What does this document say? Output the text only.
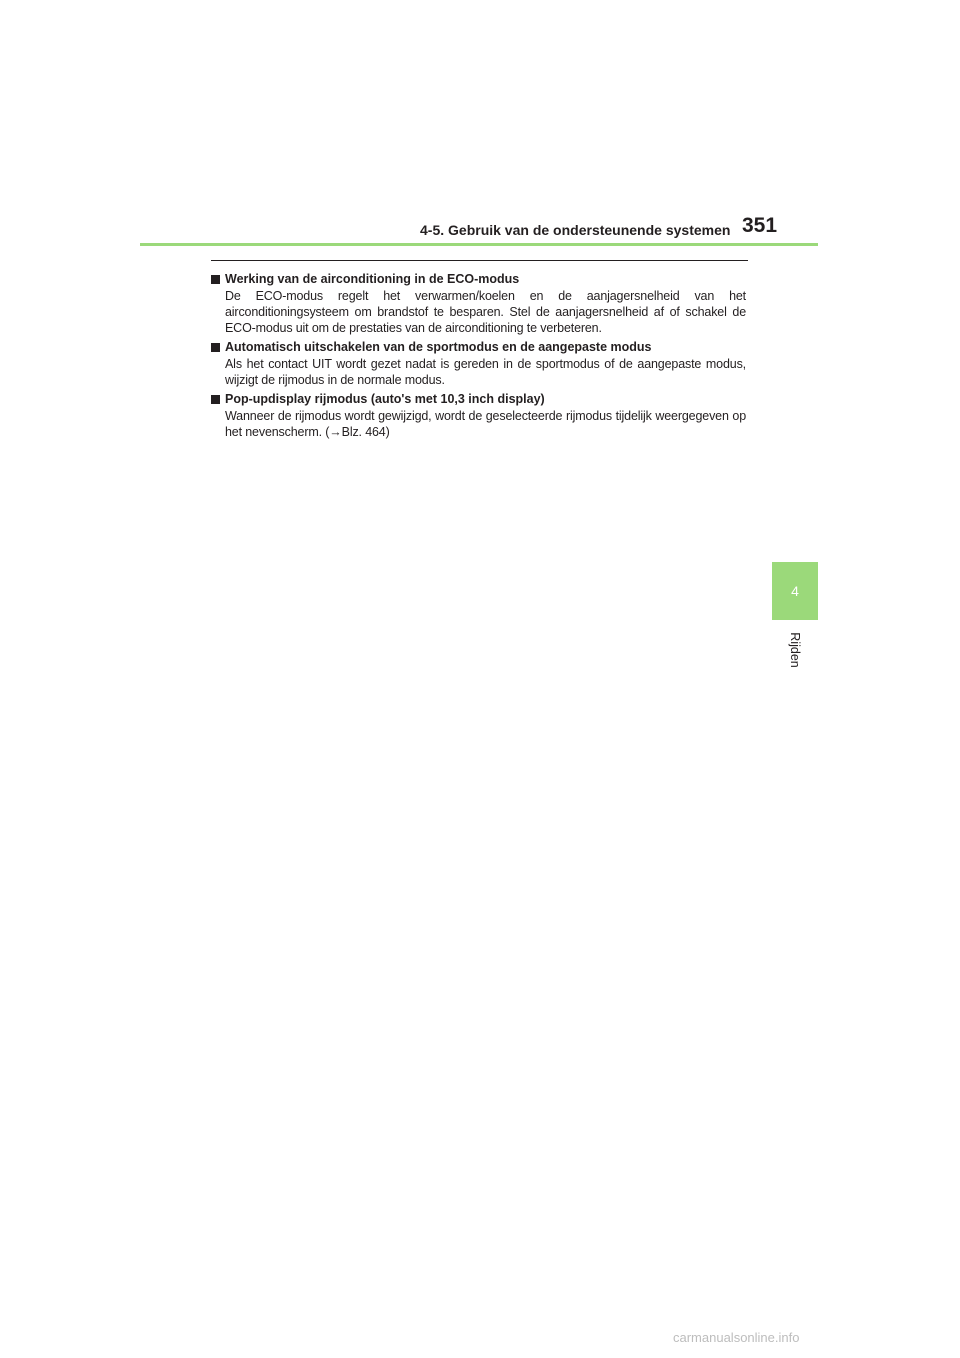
4-5. Gebruik van de ondersteunende systemen 351
Werking van de airconditioning in de ECO-modus
De ECO-modus regelt het verwarmen/koelen en de aanjagersnelheid van het airconditioningsysteem om brandstof te besparen. Stel de aanjagersnelheid af of schakel de ECO-modus uit om de prestaties van de airconditioning te verbeteren.
Automatisch uitschakelen van de sportmodus en de aangepaste modus
Als het contact UIT wordt gezet nadat is gereden in de sportmodus of de aangepaste modus, wijzigt de rijmodus in de normale modus.
Pop-updisplay rijmodus (auto's met 10,3 inch display)
Wanneer de rijmodus wordt gewijzigd, wordt de geselecteerde rijmodus tijdelijk weergegeven op het nevenscherm. (→Blz. 464)
4
Rijden
carmanualsonline.info
